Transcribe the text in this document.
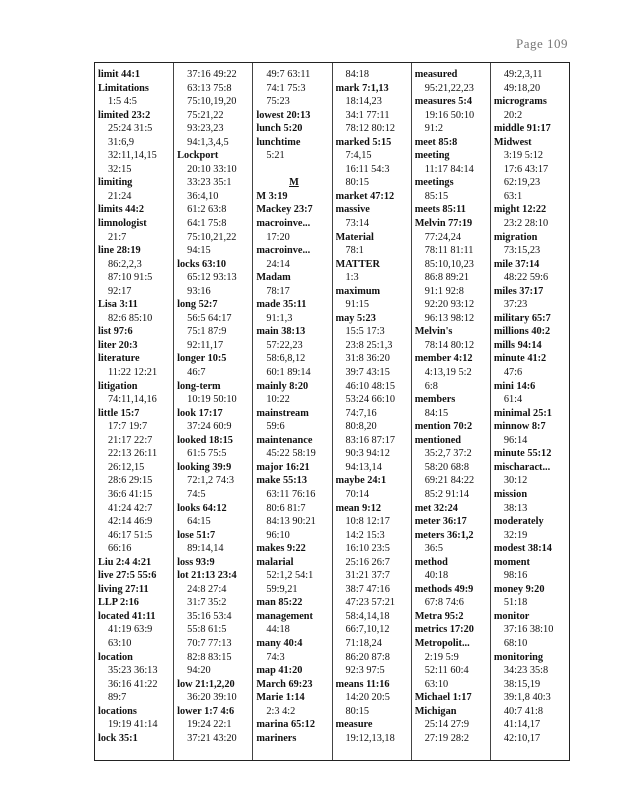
Page 109
limit 44:1
Limitations
1:5 4:5
limited 23:2
25:24 31:5
31:6,9
32:11,14,15
32:15
limiting
21:24
limits 44:2
limnologist
21:7
line 28:19
86:2,2,3
87:10 91:5
92:17
Lisa 3:11
82:6 85:10
list 97:6
liter 20:3
literature
11:22 12:21
litigation
74:11,14,16
little 15:7
17:7 19:7
21:17 22:7
22:13 26:11
26:12,15
28:6 29:15
36:6 41:15
41:24 42:7
42:14 46:9
46:17 51:5
66:16
Liu 2:4 4:21
live 27:5 55:6
living 27:11
LLP 2:16
located 41:11
41:19 63:9
63:10
location
35:23 36:13
36:16 41:22
89:7
locations
19:19 41:14
lock 35:1
37:16 49:22
63:13 75:8
75:10,19,20
75:21,22
93:23,23
94:1,3,4,5
Lockport
20:10 33:10
33:23 35:1
36:4,10
61:2 63:8
64:1 75:8
75:10,21,22
94:15
locks 63:10
65:12 93:13
93:16
long 52:7
56:5 64:17
75:1 87:9
92:11,17
longer 10:5
46:7
long-term
10:19 50:10
look 17:17
37:24 60:9
looked 18:15
61:5 75:5
looking 39:9
72:1,2 74:3
74:5
looks 64:12
64:15
lose 51:7
89:14,14
loss 93:9
lot 21:13 23:4
24:8 27:4
31:7 35:2
35:16 53:4
55:8 61:5
70:7 77:13
82:8 83:15
94:20
low 21:1,2,20
36:20 39:10
lower 1:7 4:6
19:24 22:1
37:21 43:20
49:7 63:11
74:1 75:3
75:23
lowest 20:13
lunch 5:20
lunchtime
5:21
M
M 3:19
Mackey 23:7
macroinve...
17:20
macroinve...
24:14
Madam
78:17
made 35:11
91:1,3
main 38:13
57:22,23
58:6,8,12
60:1 89:14
mainly 8:20
10:22
mainstream
59:6
maintenance
45:22 58:19
major 16:21
make 55:13
63:11 76:16
80:6 81:7
84:13 90:21
96:10
makes 9:22
malarial
52:1,2 54:1
59:9,21
man 85:22
management
44:18
many 40:4
74:3
map 41:20
March 69:23
Marie 1:14
2:3 4:2
marina 65:12
mariners
84:18
mark 7:1,13
18:14,23
34:1 77:11
78:12 80:12
marked 5:15
7:4,15
16:11 54:3
80:15
market 47:12
massive
73:14
Material
78:1
MATTER
1:3
maximum
91:15
may 5:23
15:5 17:3
23:8 25:1,3
31:8 36:20
39:7 43:15
46:10 48:15
53:24 66:10
74:7,16
80:8,20
83:16 87:17
90:3 94:12
94:13,14
maybe 24:1
70:14
mean 9:12
10:8 12:17
14:2 15:3
16:10 23:5
25:16 26:7
31:21 37:7
38:7 47:16
47:23 57:21
58:4,14,18
66:7,10,12
71:18,24
86:20 87:8
92:3 97:5
means 11:16
14:20 20:5
80:15
measure
19:12,13,18
measured
95:21,22,23
measures 5:4
19:16 50:10
91:2
meet 85:8
meeting
11:17 84:14
meetings
85:15
meets 85:11
Melvin 77:19
77:24,24
78:11 81:11
85:10,10,23
86:8 89:21
91:1 92:8
92:20 93:12
96:13 98:12
Melvin's
78:14 80:12
member 4:12
4:13,19 5:2
6:8
members
84:15
mention 70:2
mentioned
35:2,7 37:2
58:20 68:8
69:21 84:22
85:2 91:14
met 32:24
meter 36:17
meters 36:1,2
36:5
method
40:18
methods 49:9
67:8 74:6
Metra 95:2
metrics 17:20
Metropolit...
2:19 5:9
52:11 60:4
63:10
Michael 1:17
Michigan
25:14 27:9
27:19 28:2
49:2,3,11
49:18,20
micrograms
20:2
middle 91:17
Midwest
3:19 5:12
17:6 43:17
62:19,23
63:1
might 12:22
23:2 28:10
migration
73:15,23
mile 37:14
48:22 59:6
miles 37:17
37:23
military 65:7
millions 40:2
mills 94:14
minute 41:2
47:6
mini 14:6
61:4
minimal 25:1
minnow 8:7
96:14
minute 55:12
mischaract...
30:12
mission
38:13
moderately
32:19
modest 38:14
moment
98:16
money 9:20
51:18
monitor
37:16 38:10
68:10
monitoring
34:23 35:8
38:15,19
39:1,8 40:3
40:7 41:8
41:14,17
42:10,17
